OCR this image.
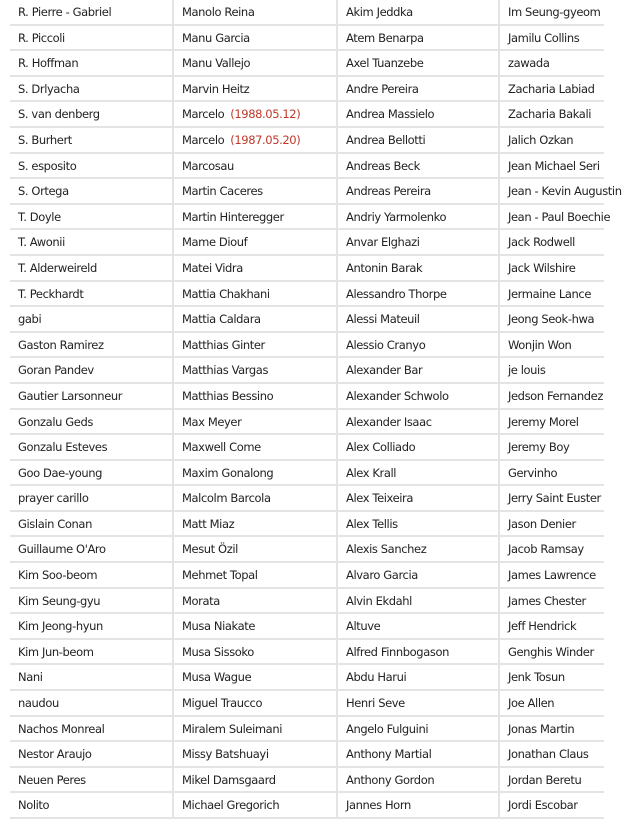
R. Pierre - Gabriel	Manolo Reina	Akim Jeddka	Im Seung-gyeom
R. Piccoli	Manu Garcia	Atem Benarpa	Jamilu Collins
R. Hoffman	Manu Vallejo	Axel Tuanzebe	zawada
S. Drlyacha	Marvin Heitz	Andre Pereira	Zacharia Labiad
S. van denberg	Marcelo (1988.05.12)	Andrea Massielo	Zacharia Bakali
S. Burhert	Marcelo (1987.05.20)	Andrea Bellotti	Jalich Ozkan
S. esposito	Marcosau	Andreas Beck	Jean Michael Seri
S. Ortega	Martin Caceres	Andreas Pereira	Jean - Kevin Augustin
T. Doyle	Martin Hinteregger	Andriy Yarmolenko	Jean - Paul Boechie
T. Awonii	Mame Diouf	Anvar Elghazi	Jack Rodwell
T. Alderweireld	Matei Vidra	Antonin Barak	Jack Wilshire
T. Peckhardt	Mattia Chakhani	Alessandro Thorpe	Jermaine Lance
gabi	Mattia Caldara	Alessi Mateuil	Jeong Seok-hwa
Gaston Ramirez	Matthias Ginter	Alessio Cranyo	Wonjin Won
Goran Pandev	Matthias Vargas	Alexander Bar	je louis
Gautier Larsonneur	Matthias Bessino	Alexander Schwolo	Jedson Fernandez
Gonzalu Geds	Max Meyer	Alexander Isaac	Jeremy Morel
Gonzalu Esteves	Maxwell Come	Alex Colliado	Jeremy Boy
Goo Dae-young	Maxim Gonalong	Alex Krall	Gervinho
prayer carillo	Malcolm Barcola	Alex Teixeira	Jerry Saint Euster
Gislain Conan	Matt Miaz	Alex Tellis	Jason Denier
Guillaume O'Aro	Mesut Özil	Alexis Sanchez	Jacob Ramsay
Kim Soo-beom	Mehmet Topal	Alvaro Garcia	James Lawrence
Kim Seung-gyu	Morata	Alvin Ekdahl	James Chester
Kim Jeong-hyun	Musa Niakate	Altuve	Jeff Hendrick
Kim Jun-beom	Musa Sissoko	Alfred Finnbogason	Genghis Winder
Nani	Musa Wague	Abdu Harui	Jenk Tosun
naudou	Miguel Traucco	Henri Seve	Joe Allen
Nachos Monreal	Miralem Suleimani	Angelo Fulguini	Jonas Martin
Nestor Araujo	Missy Batshuayi	Anthony Martial	Jonathan Claus
Neuen Peres	Mikel Damsgaard	Anthony Gordon	Jordan Beretu
Nolito	Michael Gregorich	Jannes Horn	Jordi Escobar
